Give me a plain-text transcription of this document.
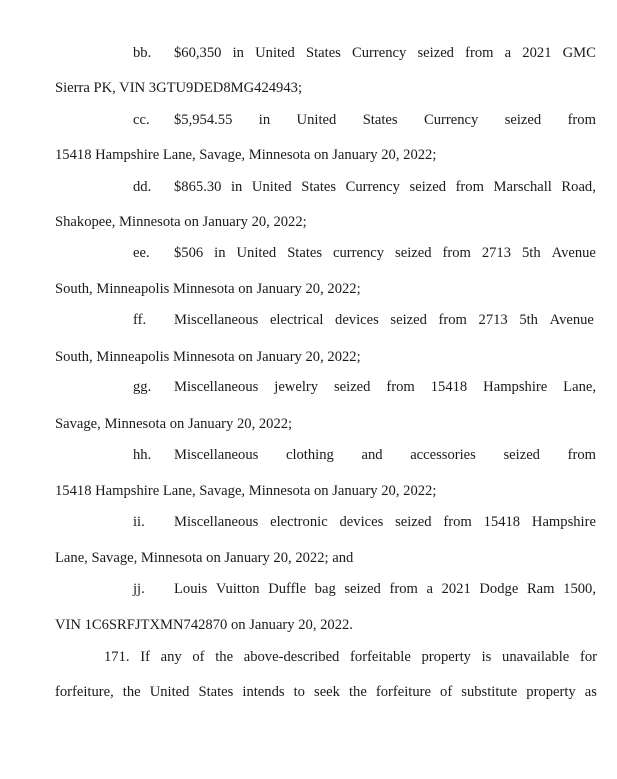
bb.	$60,350 in United States Currency seized from a 2021 GMC
Sierra PK, VIN 3GTU9DED8MG424943;
cc.	$5,954.55 in United States Currency seized from
15418 Hampshire Lane, Savage, Minnesota on January 20, 2022;
dd.	$865.30 in United States Currency seized from Marschall Road,
Shakopee, Minnesota on January 20, 2022;
ee.	$506 in United States currency seized from 2713 5th Avenue
South, Minneapolis Minnesota on January 20, 2022;
ff.	Miscellaneous electrical devices seized from 2713 5th Avenue
South, Minneapolis Minnesota on January 20, 2022;
gg.	Miscellaneous jewelry seized from 15418 Hampshire Lane,
Savage, Minnesota on January 20, 2022;
hh.	Miscellaneous clothing and accessories seized from
15418 Hampshire Lane, Savage, Minnesota on January 20, 2022;
ii.	Miscellaneous electronic devices seized from 15418 Hampshire
Lane, Savage, Minnesota on January 20, 2022; and
jj.	Louis Vuitton Duffle bag seized from a 2021 Dodge Ram 1500,
VIN 1C6SRFJTXMN742870 on January 20, 2022.
171. If any of the above-described forfeitable property is unavailable for
forfeiture, the United States intends to seek the forfeiture of substitute property as
